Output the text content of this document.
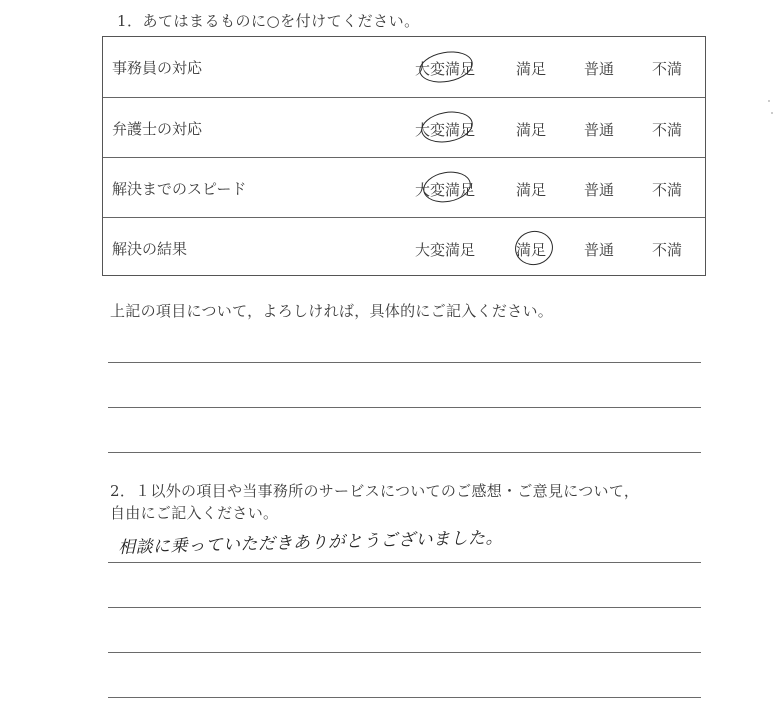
1．あてはまるものに○を付けてください。
事務員の対応	大変満足	満足	普通	不満
弁護士の対応	大変満足	満足	普通	不満
解決までのスピード	大変満足	満足	普通	不満
解決の結果	大変満足	満足	普通	不満
上記の項目について，よろしければ，具体的にご記入ください。
2．１以外の項目や当事務所のサービスについてのご感想・ご意見について，
自由にご記入ください。
相談に乗っていただきありがとうございました。
